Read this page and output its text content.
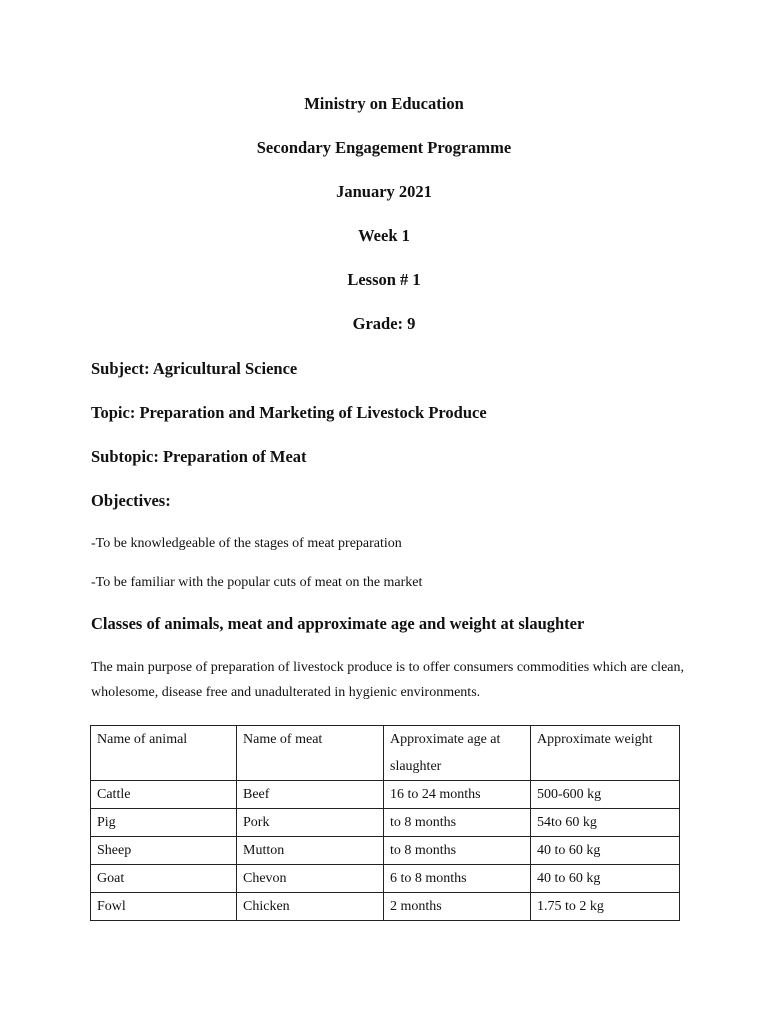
Ministry on Education
Secondary Engagement Programme
January 2021
Week 1
Lesson # 1
Grade: 9
Subject: Agricultural Science
Topic: Preparation and Marketing of Livestock Produce
Subtopic: Preparation of Meat
Objectives:
-To be knowledgeable of the stages of meat preparation
-To be familiar with the popular cuts of meat on the market
Classes of animals, meat and approximate age and weight at slaughter
The main purpose of preparation of livestock produce is to offer consumers commodities which are clean, wholesome, disease free and unadulterated in hygienic environments.
Name of animal	Name of meat	Approximate age at slaughter	Approximate weight
Cattle	Beef	16 to 24 months	500-600 kg
Pig	Pork	to 8 months	54to 60 kg
Sheep	Mutton	to 8 months	40 to 60 kg
Goat	Chevon	6 to 8 months	40 to 60 kg
Fowl	Chicken	2 months	1.75 to 2 kg
